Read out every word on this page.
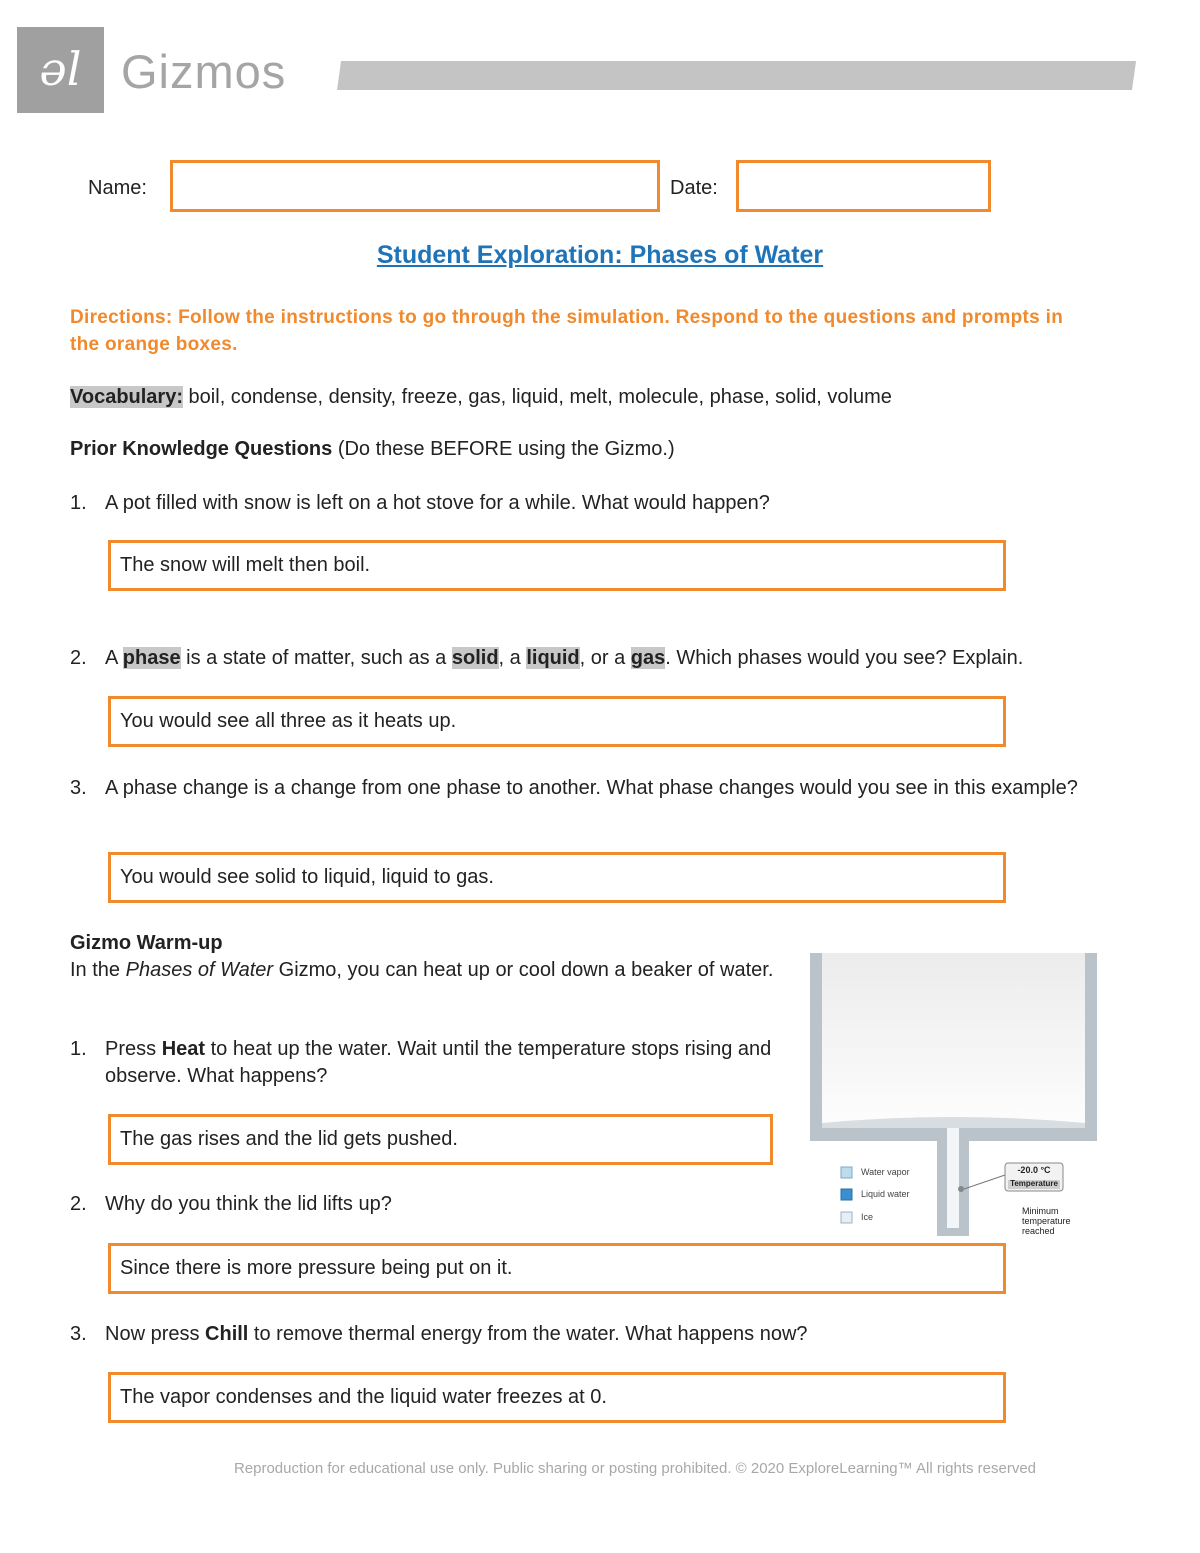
əl Gizmos
Name:	Date:
Student Exploration: Phases of Water
Directions: Follow the instructions to go through the simulation. Respond to the questions and prompts in the orange boxes.
Vocabulary: boil, condense, density, freeze, gas, liquid, melt, molecule, phase, solid, volume
Prior Knowledge Questions (Do these BEFORE using the Gizmo.)
1. A pot filled with snow is left on a hot stove for a while. What would happen?
The snow will melt then boil.
2. A phase is a state of matter, such as a solid, a liquid, or a gas. Which phases would you see? Explain.
You would see all three as it heats up.
3. A phase change is a change from one phase to another. What phase changes would you see in this example?
You would see solid to liquid, liquid to gas.
Gizmo Warm-up
In the Phases of Water Gizmo, you can heat up or cool down a beaker of water.
1. Press Heat to heat up the water. Wait until the temperature stops rising and observe. What happens?
The gas rises and the lid gets pushed.
2. Why do you think the lid lifts up?
Since there is more pressure being put on it.
3. Now press Chill to remove thermal energy from the water. What happens now?
The vapor condenses and the liquid water freezes at 0.
Water vapor
Liquid water
Ice
-20.0 °C
Temperature
Minimum temperature reached
Reproduction for educational use only. Public sharing or posting prohibited. © 2020 ExploreLearning™ All rights reserved
